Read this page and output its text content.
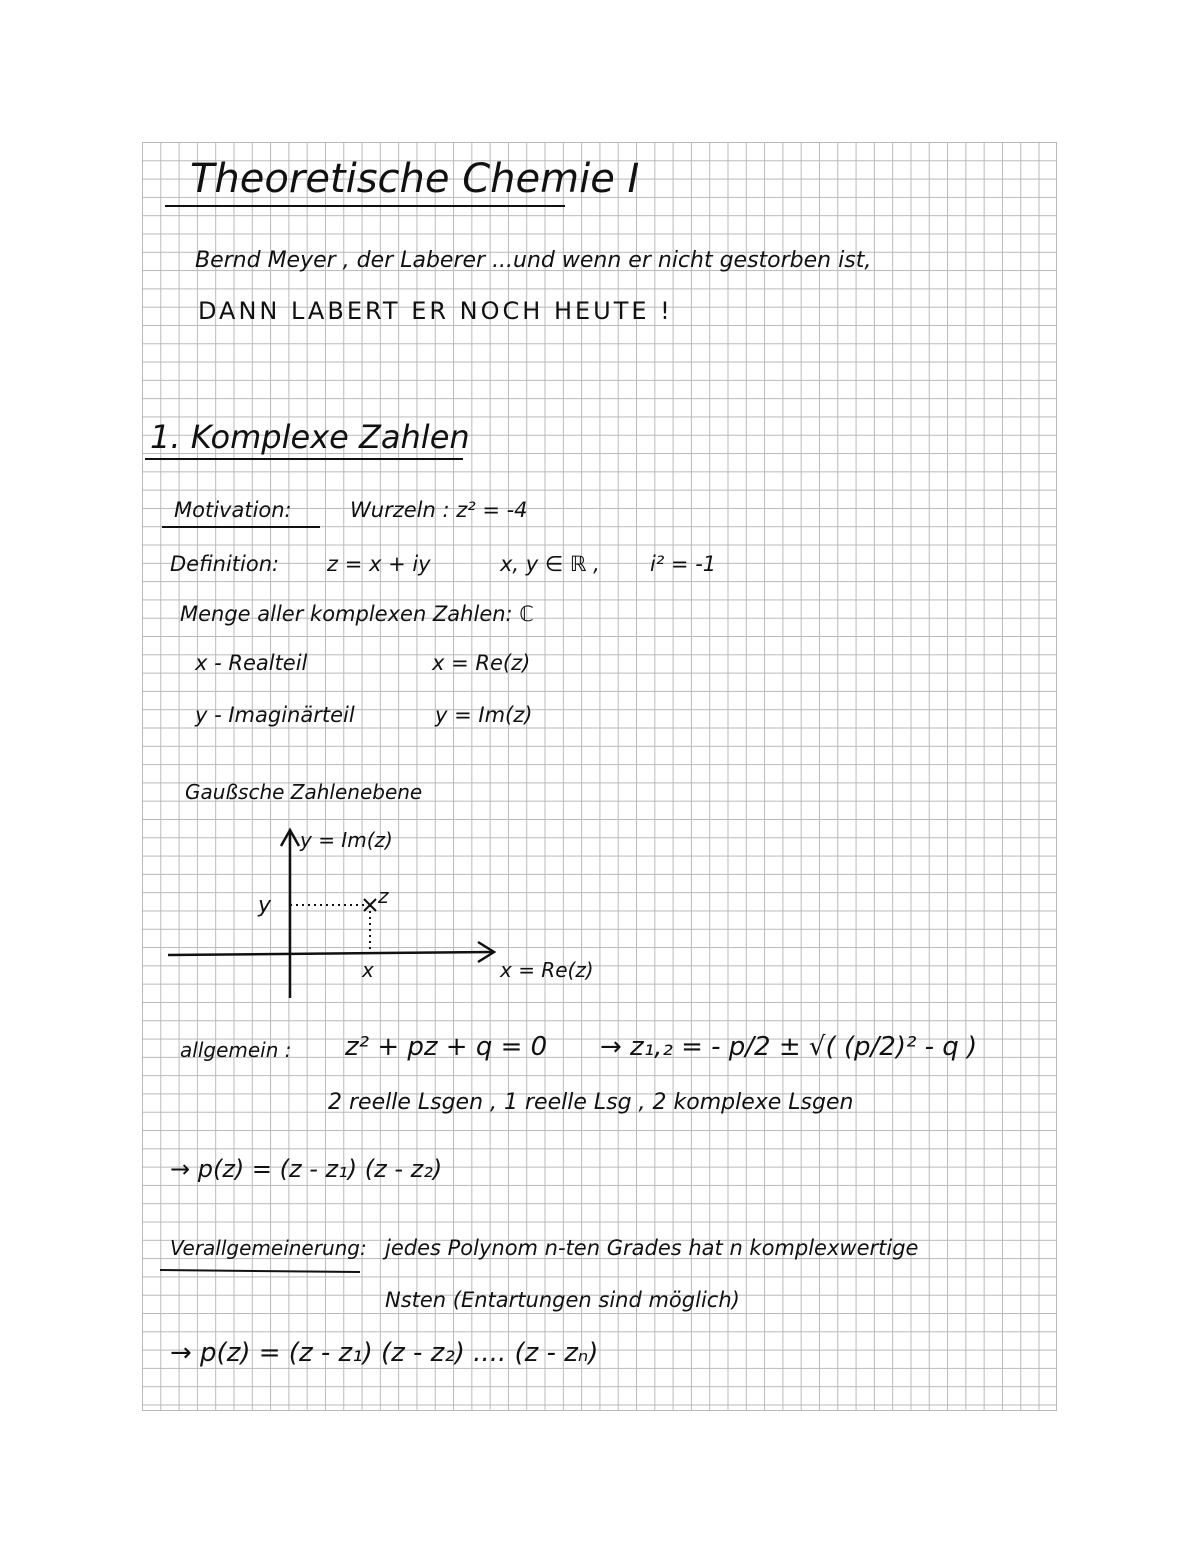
Theoretische Chemie I
Bernd Meyer , der Laberer ...und wenn er nicht gestorben ist,
DANN LABERT ER NOCH HEUTE !
1. Komplexe Zahlen
Motivation:	Wurzeln : z² = -4
Definition: z = x + iy	x, y ∈ ℝ , i² = -1
Menge aller komplexen Zahlen: ℂ
x - Realteil	x = Re(z)
y - Imaginärteil	y = Im(z)
Gaußsche Zahlenebene
y = Im(z)
y	z
x	x = Re(z)
allgemein : z² + pz + q = 0 → z₁,₂ = - p/2 ± √( (p/2)² - q )
2 reelle Lsgen , 1 reelle Lsg , 2 komplexe Lsgen
→ p(z) = (z - z₁) (z - z₂)
Verallgemeinerung: jedes Polynom n-ten Grades hat n komplexwertige
Nsten (Entartungen sind möglich)
→ p(z) = (z - z₁) (z - z₂) .... (z - zₙ)
